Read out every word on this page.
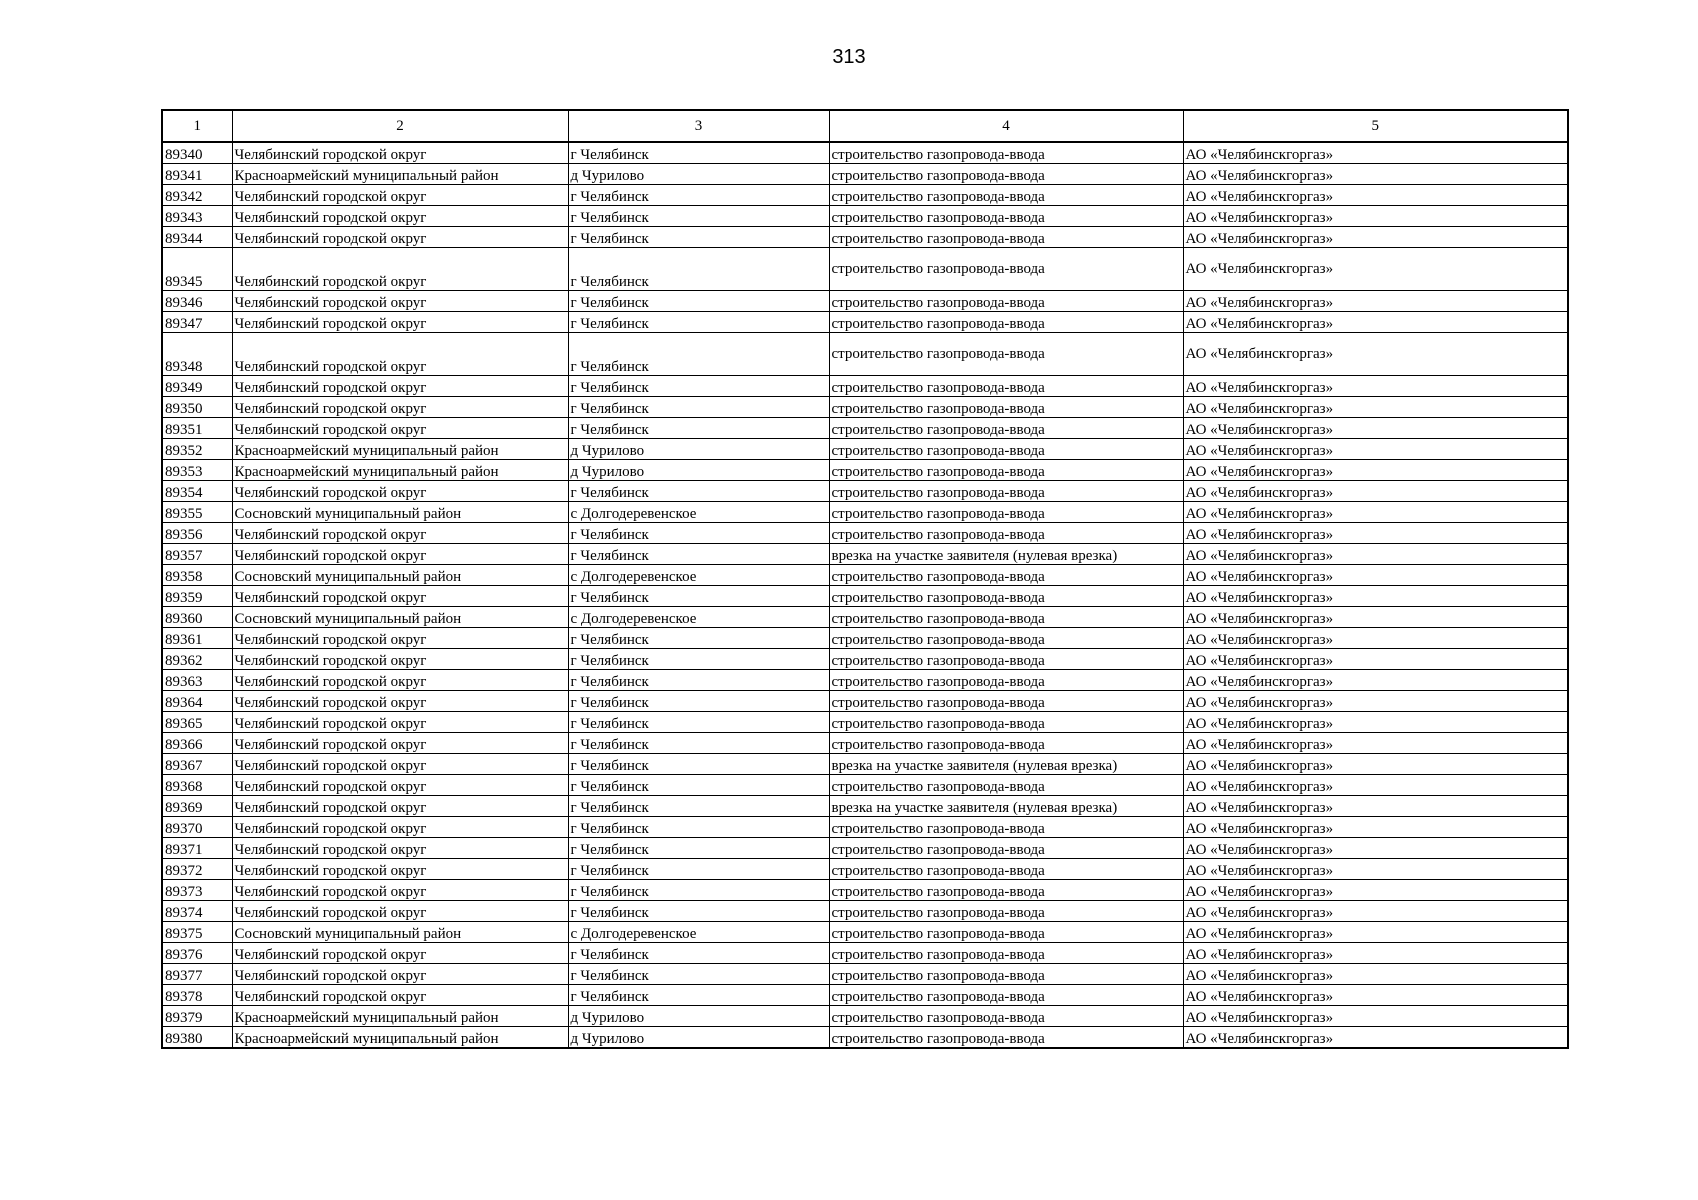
313
1	2	3	4	5
89340	Челябинский городской округ	г Челябинск	строительство газопровода-ввода	АО «Челябинскгоргаз»
89341	Красноармейский муниципальный район	д Чурилово	строительство газопровода-ввода	АО «Челябинскгоргаз»
89342	Челябинский городской округ	г Челябинск	строительство газопровода-ввода	АО «Челябинскгоргаз»
89343	Челябинский городской округ	г Челябинск	строительство газопровода-ввода	АО «Челябинскгоргаз»
89344	Челябинский городской округ	г Челябинск	строительство газопровода-ввода	АО «Челябинскгоргаз»
89345	Челябинский городской округ	г Челябинск	строительство газопровода-ввода	АО «Челябинскгоргаз»
89346	Челябинский городской округ	г Челябинск	строительство газопровода-ввода	АО «Челябинскгоргаз»
89347	Челябинский городской округ	г Челябинск	строительство газопровода-ввода	АО «Челябинскгоргаз»
89348	Челябинский городской округ	г Челябинск	строительство газопровода-ввода	АО «Челябинскгоргаз»
89349	Челябинский городской округ	г Челябинск	строительство газопровода-ввода	АО «Челябинскгоргаз»
89350	Челябинский городской округ	г Челябинск	строительство газопровода-ввода	АО «Челябинскгоргаз»
89351	Челябинский городской округ	г Челябинск	строительство газопровода-ввода	АО «Челябинскгоргаз»
89352	Красноармейский муниципальный район	д Чурилово	строительство газопровода-ввода	АО «Челябинскгоргаз»
89353	Красноармейский муниципальный район	д Чурилово	строительство газопровода-ввода	АО «Челябинскгоргаз»
89354	Челябинский городской округ	г Челябинск	строительство газопровода-ввода	АО «Челябинскгоргаз»
89355	Сосновский муниципальный район	с Долгодеревенское	строительство газопровода-ввода	АО «Челябинскгоргаз»
89356	Челябинский городской округ	г Челябинск	строительство газопровода-ввода	АО «Челябинскгоргаз»
89357	Челябинский городской округ	г Челябинск	врезка на участке заявителя (нулевая врезка)	АО «Челябинскгоргаз»
89358	Сосновский муниципальный район	с Долгодеревенское	строительство газопровода-ввода	АО «Челябинскгоргаз»
89359	Челябинский городской округ	г Челябинск	строительство газопровода-ввода	АО «Челябинскгоргаз»
89360	Сосновский муниципальный район	с Долгодеревенское	строительство газопровода-ввода	АО «Челябинскгоргаз»
89361	Челябинский городской округ	г Челябинск	строительство газопровода-ввода	АО «Челябинскгоргаз»
89362	Челябинский городской округ	г Челябинск	строительство газопровода-ввода	АО «Челябинскгоргаз»
89363	Челябинский городской округ	г Челябинск	строительство газопровода-ввода	АО «Челябинскгоргаз»
89364	Челябинский городской округ	г Челябинск	строительство газопровода-ввода	АО «Челябинскгоргаз»
89365	Челябинский городской округ	г Челябинск	строительство газопровода-ввода	АО «Челябинскгоргаз»
89366	Челябинский городской округ	г Челябинск	строительство газопровода-ввода	АО «Челябинскгоргаз»
89367	Челябинский городской округ	г Челябинск	врезка на участке заявителя (нулевая врезка)	АО «Челябинскгоргаз»
89368	Челябинский городской округ	г Челябинск	строительство газопровода-ввода	АО «Челябинскгоргаз»
89369	Челябинский городской округ	г Челябинск	врезка на участке заявителя (нулевая врезка)	АО «Челябинскгоргаз»
89370	Челябинский городской округ	г Челябинск	строительство газопровода-ввода	АО «Челябинскгоргаз»
89371	Челябинский городской округ	г Челябинск	строительство газопровода-ввода	АО «Челябинскгоргаз»
89372	Челябинский городской округ	г Челябинск	строительство газопровода-ввода	АО «Челябинскгоргаз»
89373	Челябинский городской округ	г Челябинск	строительство газопровода-ввода	АО «Челябинскгоргаз»
89374	Челябинский городской округ	г Челябинск	строительство газопровода-ввода	АО «Челябинскгоргаз»
89375	Сосновский муниципальный район	с Долгодеревенское	строительство газопровода-ввода	АО «Челябинскгоргаз»
89376	Челябинский городской округ	г Челябинск	строительство газопровода-ввода	АО «Челябинскгоргаз»
89377	Челябинский городской округ	г Челябинск	строительство газопровода-ввода	АО «Челябинскгоргаз»
89378	Челябинский городской округ	г Челябинск	строительство газопровода-ввода	АО «Челябинскгоргаз»
89379	Красноармейский муниципальный район	д Чурилово	строительство газопровода-ввода	АО «Челябинскгоргаз»
89380	Красноармейский муниципальный район	д Чурилово	строительство газопровода-ввода	АО «Челябинскгоргаз»
